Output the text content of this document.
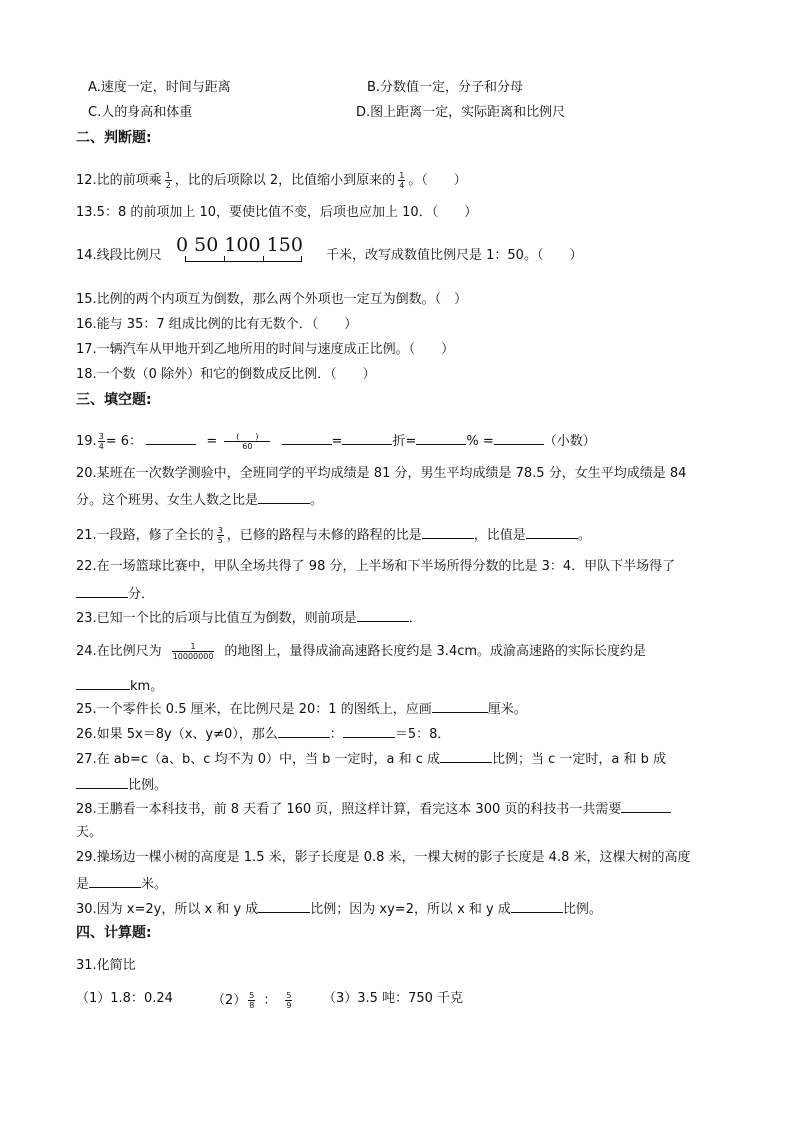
A.速度一定，时间与距离	B.分数值一定，分子和分母
C.人的身高和体重	D.图上距离一定，实际距离和比例尺
二、判断题:
12.比的前项乘 $\frac{1}{2}$ ，比的后项除以 2，比值缩小到原来的 $\frac{1}{4}$ 。（　　）
13.5：8 的前项加上 10，要使比值不变，后项也应加上 10．（　　）
14.线段比例尺 0 50 100 150 千米，改写成数值比例尺是 1：50。（　　）
15.比例的两个内项互为倒数，那么两个外项也一定互为倒数。（　）
16.能与 35：7 组成比例的比有无数个．（　　）
17.一辆汽车从甲地开到乙地所用的时间与速度成正比例。（　　）
18.一个数（0 除外）和它的倒数成反比例．（　　）
三、填空题:
19. $\frac{3}{4} = 6$：	= $\frac{( )}{60}$	=	折=	% =	（小数）
20.某班在一次数学测验中，全班同学的平均成绩是 81 分，男生平均成绩是 78.5 分，女生平均成绩是 84
分。这个班男、女生人数之比是	。
21.一段路，修了全长的 $\frac{3}{5}$ ，已修的路程与未修的路程的比是	，比值是	。
22.在一场篮球比赛中，甲队全场共得了 98 分，上半场和下半场所得分数的比是 3：4．甲队下半场得了
分．
23.已知一个比的后项与比值互为倒数，则前项是	．
24.在比例尺为 $\frac{1}{10000000}$ 的地图上，量得成渝高速路长度约是 3.4cm。成渝高速路的实际长度约是
km。
25.一个零件长 0.5 厘米，在比例尺是 20：1 的图纸上，应画	厘米。
26.如果 5x＝8y（x、y≠0），那么	：	＝5：8．
27.在 ab=c（a、b、c 均不为 0）中，当 b 一定时，a 和 c 成	比例；当 c 一定时，a 和 b 成
比例。
28.王鹏看一本科技书，前 8 天看了 160 页，照这样计算，看完这本 300 页的科技书一共需要
天。
29.操场边一棵小树的高度是 1.5 米，影子长度是 0.8 米，一棵大树的影子长度是 4.8 米，这棵大树的高度
是	米。
30.因为 x=2y，所以 x 和 y 成	比例；因为 xy=2，所以 x 和 y 成	比例。
四、计算题:
31.化简比
（1）1.8：0.24	$(2) \frac{5}{8}$ ： $\frac{5}{9} (3)3.5$ 吨：750 千克
